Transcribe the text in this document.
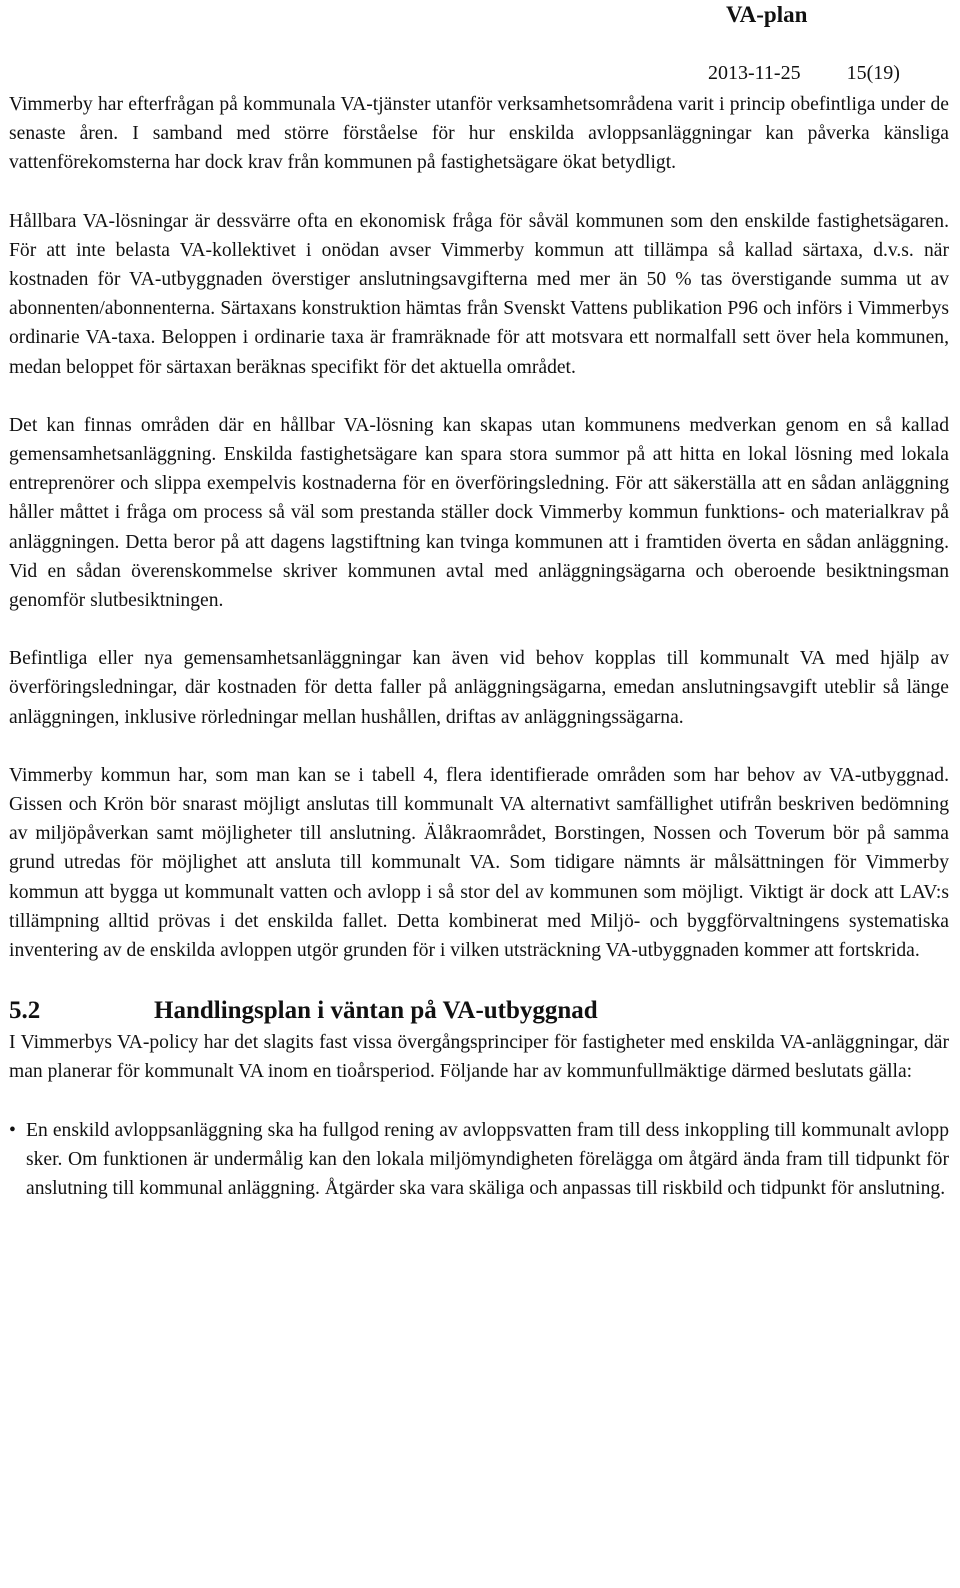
VA-plan
2013-11-25 15(19)

Vimmerby har efterfrågan på kommunala VA-tjänster utanför verksamhetsområdena varit i princip obefintliga under de senaste åren. I samband med större förståelse för hur enskilda avloppsanläggningar kan påverka känsliga vattenförekomsterna har dock krav från kommunen på fastighetsägare ökat betydligt.

Hållbara VA-lösningar är dessvärre ofta en ekonomisk fråga för såväl kommunen som den enskilde fastighetsägaren. För att inte belasta VA-kollektivet i onödan avser Vimmerby kommun att tillämpa så kallad särtaxa, d.v.s. när kostnaden för VA-utbyggnaden överstiger anslutningsavgifterna med mer än 50 % tas överstigande summa ut av abonnenten/abonnenterna. Särtaxans konstruktion hämtas från Svenskt Vattens publikation P96 och införs i Vimmerbys ordinarie VA-taxa. Beloppen i ordinarie taxa är framräknade för att motsvara ett normalfall sett över hela kommunen, medan beloppet för särtaxan beräknas specifikt för det aktuella området.

Det kan finnas områden där en hållbar VA-lösning kan skapas utan kommunens medverkan genom en så kallad gemensamhetsanläggning. Enskilda fastighetsägare kan spara stora summor på att hitta en lokal lösning med lokala entreprenörer och slippa exempelvis kostnaderna för en överföringsledning. För att säkerställa att en sådan anläggning håller måttet i fråga om process så väl som prestanda ställer dock Vimmerby kommun funktions- och materialkrav på anläggningen. Detta beror på att dagens lagstiftning kan tvinga kommunen att i framtiden överta en sådan anläggning. Vid en sådan överenskommelse skriver kommunen avtal med anläggningsägarna och oberoende besiktningsman genomför slutbesiktningen.

Befintliga eller nya gemensamhetsanläggningar kan även vid behov kopplas till kommunalt VA med hjälp av överföringsledningar, där kostnaden för detta faller på anläggningsägarna, emedan anslutningsavgift uteblir så länge anläggningen, inklusive rörledningar mellan hushållen, driftas av anläggningssägarna.

Vimmerby kommun har, som man kan se i tabell 4, flera identifierade områden som har behov av VA-utbyggnad. Gissen och Krön bör snarast möjligt anslutas till kommunalt VA alternativt samfällighet utifrån beskriven bedömning av miljöpåverkan samt möjligheter till anslutning. Älåkraområdet, Borstingen, Nossen och Toverum bör på samma grund utredas för möjlighet att ansluta till kommunalt VA. Som tidigare nämnts är målsättningen för Vimmerby kommun att bygga ut kommunalt vatten och avlopp i så stor del av kommunen som möjligt. Viktigt är dock att LAV:s tillämpning alltid prövas i det enskilda fallet. Detta kombinerat med Miljö- och byggförvaltningens systematiska inventering av de enskilda avloppen utgör grunden för i vilken utsträckning VA-utbyggnaden kommer att fortskrida.

5.2	Handlingsplan i väntan på VA-utbyggnad

I Vimmerbys VA-policy har det slagits fast vissa övergångsprinciper för fastigheter med enskilda VA-anläggningar, där man planerar för kommunalt VA inom en tioårsperiod. Följande har av kommunfullmäktige därmed beslutats gälla:

• En enskild avloppsanläggning ska ha fullgod rening av avloppsvatten fram till dess inkoppling till kommunalt avlopp sker. Om funktionen är undermålig kan den lokala miljömyndigheten förelägga om åtgärd ända fram till tidpunkt för anslutning till kommunal anläggning. Åtgärder ska vara skäliga och anpassas till riskbild och tidpunkt för anslutning.
